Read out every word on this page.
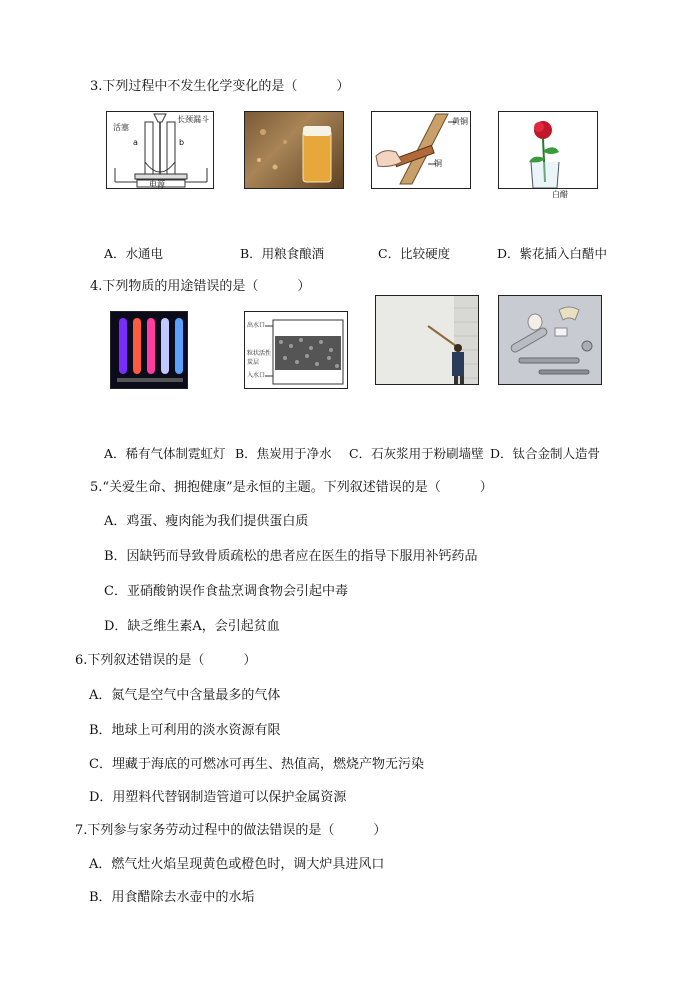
3.下列过程中不发生化学变化的是（　　　）
活塞
长颈漏斗
a	b
电源
黄铜
铜
白醋
A．水通电	B．用粮食酿酒	C．比较硬度	D．紫花插入白醋中
4.下列物质的用途错误的是（　　　）
出水口
粒状活性炭层
入水口
A．稀有气体制霓虹灯 B．焦炭用于净水 C．石灰浆用于粉刷墙壁 D．钛合金制人造骨
5.“关爱生命、拥抱健康”是永恒的主题。下列叙述错误的是（　　　）
A．鸡蛋、瘦肉能为我们提供蛋白质
B．因缺钙而导致骨质疏松的患者应在医生的指导下服用补钙药品
C．亚硝酸钠误作食盐烹调食物会引起中毒
D．缺乏维生素A，会引起贫血
6.下列叙述错误的是（　　　）
A．氮气是空气中含量最多的气体
B．地球上可利用的淡水资源有限
C．埋藏于海底的可燃冰可再生、热值高，燃烧产物无污染
D．用塑料代替钢制造管道可以保护金属资源
7.下列参与家务劳动过程中的做法错误的是（　　　）
A．燃气灶火焰呈现黄色或橙色时，调大炉具进风口
B．用食醋除去水壶中的水垢
